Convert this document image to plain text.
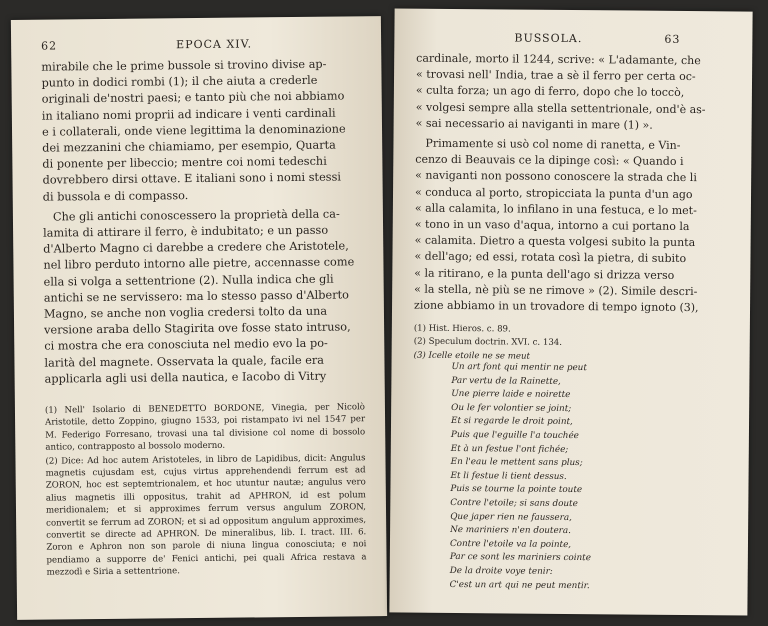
62	EPOCA XIV.

mirabile che le prime bussole si trovino divise ap-

punto in dodici rombi (1); il che aiuta a crederle

originali de'nostri paesi; e tanto più che noi abbiamo

in italiano nomi proprii ad indicare i venti cardinali

e i collaterali, onde viene legittima la denominazione

dei mezzanini che chiamiamo, per esempio, Quarta

di ponente per libeccio; mentre coi nomi tedeschi

dovrebbero dirsi ottave. E italiani sono i nomi stessi

di bussola e di compasso.

Che gli antichi conoscessero la proprietà della ca-

lamita di attirare il ferro, è indubitato; e un passo

d'Alberto Magno ci darebbe a credere che Aristotele,

nel libro perduto intorno alle pietre, accennasse come

ella si volga a settentrione (2). Nulla indica che gli

antichi se ne servissero: ma lo stesso passo d'Alberto

Magno, se anche non voglia credersi tolto da una

versione araba dello Stagirita ove fosse stato intruso,

ci mostra che era conosciuta nel medio evo la po-

larità del magnete. Osservata la quale, facile era

applicarla agli usi della nautica, e Iacobo di Vitry

(1) Nell' Isolario di BENEDETTO BORDONE, Vinegia, per Nicolò Aristotile, detto Zoppino, giugno 1533, poi ristampato ivi nel 1547 per M. Federigo Forresano, trovasi una tal divisione col nome di bossolo antico, contrapposto al bossolo moderno.

(2) Dice: Ad hoc autem Aristoteles, in libro de Lapidibus, dicit: Angulus magnetis cujusdam est, cujus virtus apprehendendi ferrum est ad ZORON, hoc est septemtrionalem, et hoc utuntur nautæ; angulus vero alius magnetis illi oppositus, trahit ad APHRON, id est polum meridionalem; et si approximes ferrum versus angulum ZORON, convertit se ferrum ad ZORON; et si ad oppositum angulum approximes, convertit se directe ad APHRON. De mineralibus, lib. I. tract. III. 6. Zoron e Aphron non son parole di niuna lingua conosciuta; e noi pendiamo a supporre de' Fenici antichi, pei quali Africa restava a mezzodì e Siria a settentrione.

BUSSOLA.	63

cardinale, morto il 1244, scrive: « L'adamante, che

« trovasi nell' India, trae a sè il ferro per certa oc-

« culta forza; un ago di ferro, dopo che lo toccò,

« volgesi sempre alla stella settentrionale, ond'è as-

« sai necessario ai naviganti in mare (1) ».

Primamente si usò col nome di ranetta, e Vin-

cenzo di Beauvais ce la dipinge così: « Quando i

« naviganti non possono conoscere la strada che li

« conduca al porto, stropicciata la punta d'un ago

« alla calamita, lo infilano in una festuca, e lo met-

« tono in un vaso d'aqua, intorno a cui portano la

« calamita. Dietro a questa volgesi subito la punta

« dell'ago; ed essi, rotata così la pietra, di subito

« la ritirano, e la punta dell'ago si drizza verso

« la stella, nè più se ne rimove » (2). Simile descri-

zione abbiamo in un trovadore di tempo ignoto (3),

(1) Hist. Hieros. c. 89.

(2) Speculum doctrin. XVI. c. 134.

(3) Icelle etoile ne se meut

Un art font qui mentir ne peut
Par vertu de la Rainette,
Une pierre laide e noirette
Ou le fer volontier se joint;
Et si regarde le droit point,
Puis que l'eguille l'a touchée
Et à un festue l'ont fichée;
En l'eau le mettent sans plus;
Et li festue li tient dessus.
Puis se tourne la pointe toute
Contre l'etoile; si sans doute
Que japer rien ne faussera,
Ne mariniers n'en doutera.
Contre l'etoile va la pointe,
Par ce sont les mariniers cointe
De la droite voye tenir:
C'est un art qui ne peut mentir.
